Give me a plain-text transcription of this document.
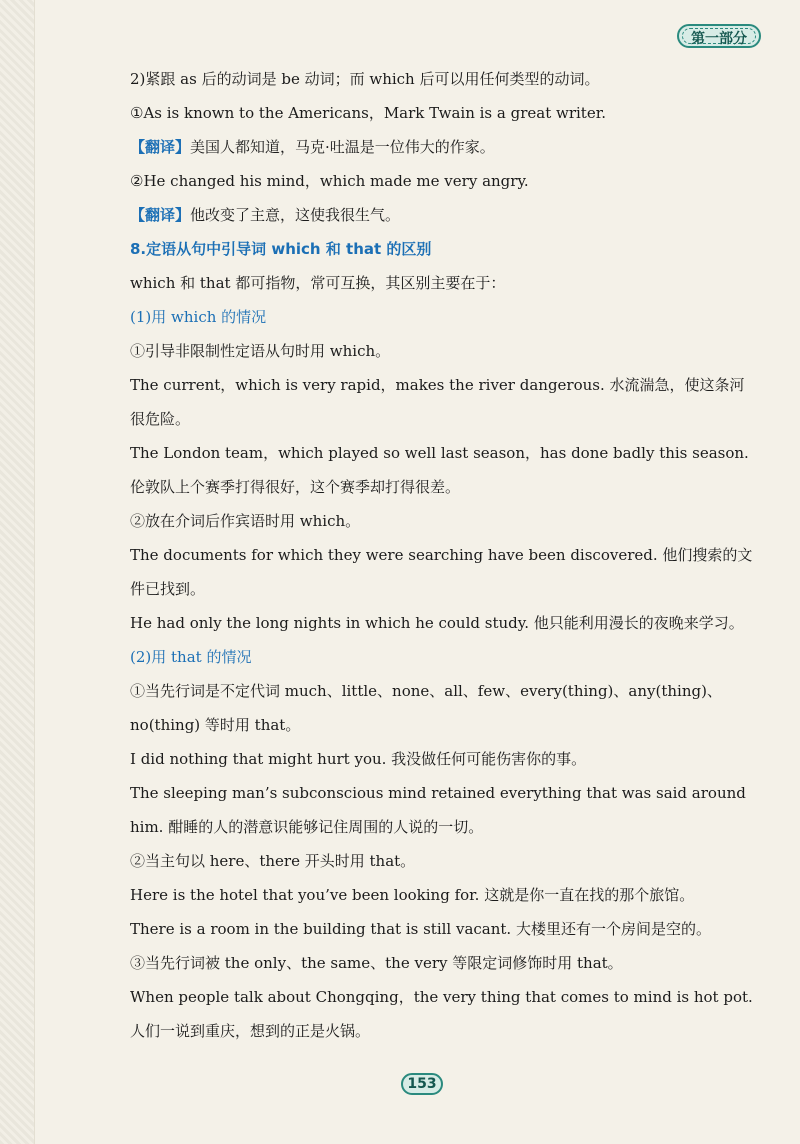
第一部分
2)紧跟 as 后的动词是 be 动词；而 which 后可以用任何类型的动词。
①As is known to the Americans，Mark Twain is a great writer.
【翻译】美国人都知道，马克·吐温是一位伟大的作家。
②He changed his mind，which made me very angry.
【翻译】他改变了主意，这使我很生气。
8.定语从句中引导词 which 和 that 的区别
which 和 that 都可指物，常可互换，其区别主要在于：
(1)用 which 的情况
①引导非限制性定语从句时用 which。
The current，which is very rapid，makes the river dangerous. 水流湍急，使这条河很危险。
The London team，which played so well last season，has done badly this season. 伦敦队上个赛季打得很好，这个赛季却打得很差。
②放在介词后作宾语时用 which。
The documents for which they were searching have been discovered. 他们搜索的文件已找到。
He had only the long nights in which he could study. 他只能利用漫长的夜晚来学习。
(2)用 that 的情况
①当先行词是不定代词 much、little、none、all、few、every(thing)、any(thing)、no(thing) 等时用 that。
I did nothing that might hurt you. 我没做任何可能伤害你的事。
The sleeping man’s subconscious mind retained everything that was said around him. 酣睡的人的潜意识能够记住周围的人说的一切。
②当主句以 here、there 开头时用 that。
Here is the hotel that you’ve been looking for. 这就是你一直在找的那个旅馆。
There is a room in the building that is still vacant. 大楼里还有一个房间是空的。
③当先行词被 the only、the same、the very 等限定词修饰时用 that。
When people talk about Chongqing，the very thing that comes to mind is hot pot. 人们一说到重庆，想到的正是火锅。
153
